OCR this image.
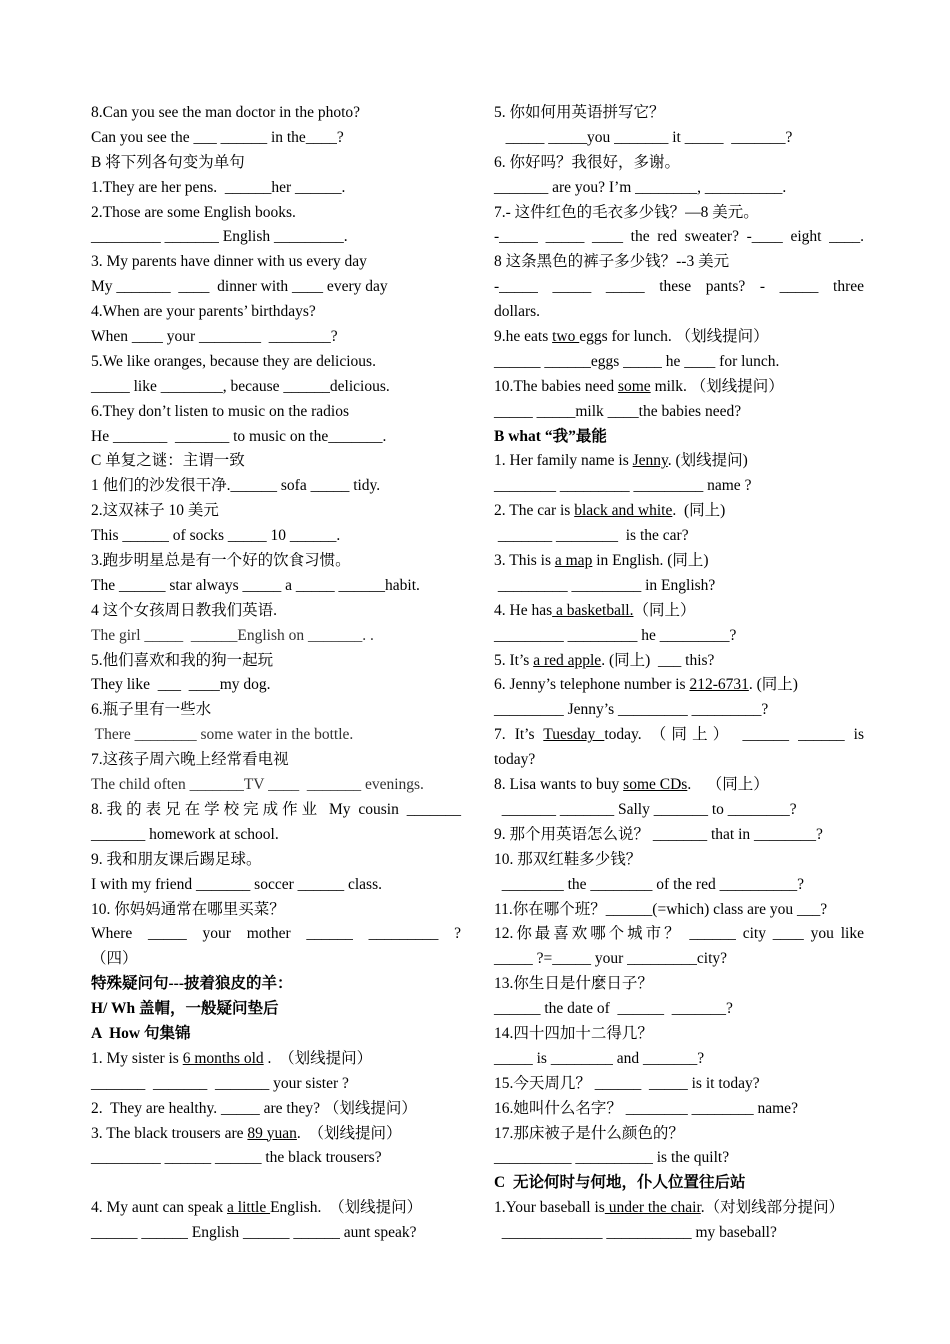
8.Can you see the man doctor in the photo?
Can you see the ___ ______ in the____?
B 将下列各句变为单句
1.They are her pens.  ______her ______.
2.Those are some English books.
_________ _______ English _________.
3. My parents have dinner with us every day
My _______  ____  dinner with ____ every day
4.When are your parents’ birthdays?
When ____ your ________  ________?
5.We like oranges, because they are delicious.
_____ like ________, because ______delicious.
6.They don’t listen to music on the radios
He _______  _______ to music on the_______.
C 单复之谜：主谓一致
1 他们的沙发很干净.______ sofa _____ tidy.
2.这双袜子 10 美元
This ______ of socks _____ 10 ______.
3.跑步明星总是有一个好的饮食习惯。
The ______ star always _____ a _____ ______habit.
4 这个女孩周日教我们英语.
The girl _____  ______English on _______. .
5.他们喜欢和我的狗一起玩
They like  ___  ____my dog.
6.瓶子里有一些水
There ________ some water in the bottle.
7.这孩子周六晚上经常看电视
The child often _______TV ____  _______ evenings.
8.我的表兄在学校完成作业 My cousin _______
_______ homework at school.
9. 我和朋友课后踢足球。
I with my friend _______ soccer ______ class.
10. 你妈妈通常在哪里买菜？
Where _____ your mother ______ _________ ?
（四）
特殊疑问句---披着狼皮的羊：
H/ Wh 盖帽，一般疑问垫后
A  How 句集锦
1. My sister is 6 months old .  （划线提问）
_______  _______  _______ your sister ?
2.  They are healthy. _____ are they? （划线提问）
3. The black trousers are 89 yuan.  （划线提问）
_________ ______ ______ the black trousers?
4. My aunt can speak a little English.  （划线提问）
______ ______ English ______ ______ aunt speak?
5. 你如何用英语拼写它？
_____ _____you _______ it _____  _______?
6. 你好吗？我很好，多谢。
_______ are you? I’m ________, __________.
7.- 这件红色的毛衣多少钱？—8 美元。
-_____ _____ ____ the red sweater? -____ eight ____.
8 这条黑色的裤子多少钱？--3 美元
-_____ _____ _____ these pants? - _____ three
dollars.
9.he eats two eggs for lunch. （划线提问）
______ ______eggs _____ he ____ for lunch.
10.The babies need some milk. （划线提问）
_____ _____milk ____the babies need?
B what “我”最能
1. Her family name is Jenny. (划线提问)
________ _________ _________ name ?
2. The car is black and white.  (同上)
_______ ________  is the car?
3. This is a map in English. (同上)
_________ _________ in English?
4. He has a basketball.（同上）
_________ _________ he _________?
5. It’s a red apple. (同上)  ___ this?
6. Jenny’s telephone number is 212-6731. (同上)
_________ Jenny’s _________ _________?
7. It’s Tuesday today. （同上） ______ ______ is
today?
8. Lisa wants to buy some CDs.    （同上）
_______ _______ Sally _______ to ________?
9. 那个用英语怎么说？ _______ that in ________?
10. 那双红鞋多少钱？
________ the ________ of the red __________?
11.你在哪个班？______(=which) class are you ___?
12.你最喜欢哪个城市？ ______ city ____ you like
_____ ?=_____ your _________city?
13.你生日是什麼日子？
______ the date of  ______  _______?
14.四十四加十二得几？
_____ is ________ and _______?
15.今天周几？ ______  _____ is it today?
16.她叫什么名字？ ________ ________ name?
17.那床被子是什么颜色的？
__________ __________ is the quilt?
C  无论何时与何地，仆人位置往后站
1.Your baseball is under the chair.（对划线部分提问）
_____________ ___________ my baseball?
